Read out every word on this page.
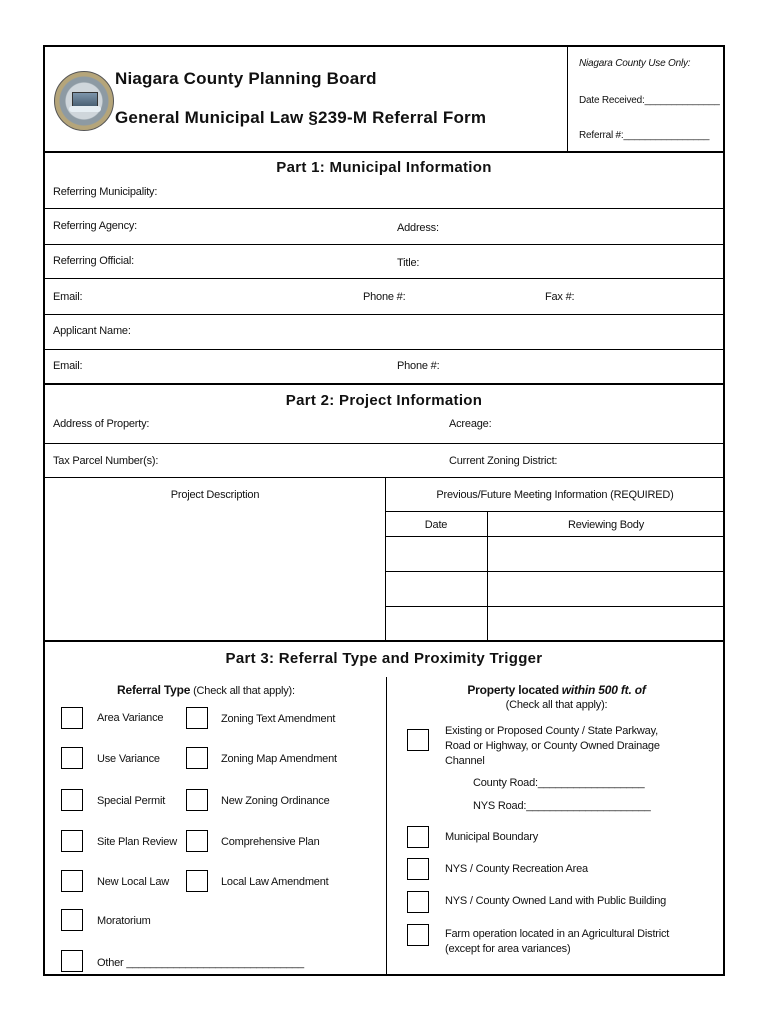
Niagara County Planning Board
General Municipal Law §239-M Referral Form
Niagara County Use Only:
Date Received:______________
Referral #:________________
Part 1: Municipal Information
Referring Municipality:
Referring Agency:	Address:
Referring Official:	Title:
Email:	Phone #:	Fax #:
Applicant Name:
Email:	Phone #:
Part 2: Project Information
Address of Property:	Acreage:
Tax Parcel Number(s):	Current Zoning District:
Project Description	Previous/Future Meeting Information (REQUIRED)
Date	Reviewing Body
Part 3: Referral Type and Proximity Trigger
Referral Type (Check all that apply):
Area Variance
Use Variance
Special Permit
Site Plan Review
New Local Law
Moratorium
Other ______________________________
Zoning Text Amendment
Zoning Map Amendment
New Zoning Ordinance
Comprehensive Plan
Local Law Amendment
Property located within 500 ft. of
(Check all that apply):
Existing or Proposed County / State Parkway, Road or Highway, or County Owned Drainage Channel
County Road:__________________
NYS Road:_____________________
Municipal Boundary
NYS / County Recreation Area
NYS / County Owned Land with Public Building
Farm operation located in an Agricultural District (except for area variances)
